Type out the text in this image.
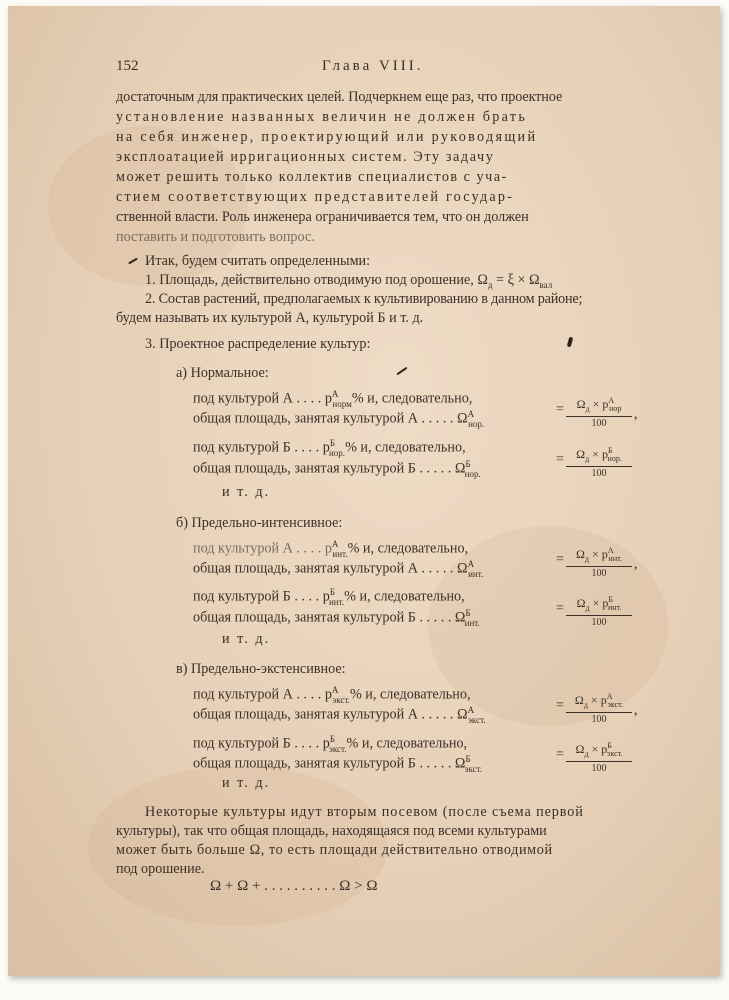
152	Глава VIII.
достаточным для практических целей. Подчеркнем еще раз, что проектное
установление названных величин не должен брать
на себя инженер, проектирующий или руководящий
эксплоатацией ирригационных систем. Эту задачу
может решить только коллектив специалистов с уча-
стием соответствующих представителей государ-
ственной власти. Роль инженера ограничивается тем, что он должен
поставить и подготовить вопрос.
Итак, будем считать определенными:
1. Площадь, действительно отводимую под орошение, $\Omega_д = \xi \times \Omega_{вал}$
2. Состав растений, предполагаемых к культивированию в данном районе;
будем называть их культурой А, культурой Б и т. д.
3. Проектное распределение культур:
а) Нормальное:
под культурой А . . . . $p^А_{норм}\%$ и, следовательно,
общая площадь, занятая культурой А . . . . . $\Omega^А_{нор.}$
=	$\Omega_д \times p^А_{нор}$
100
,
под культурой Б . . . . $p^Б_{нор.}\%$ и, следовательно,
общая площадь, занятая культурой Б . . . . . $\Omega^Б_{нор.}$
=	$\Omega_д \times p^Б_{нор.}$
100
и т. д.
б) Предельно-интенсивное:
под культурой А . . . . $p^А_{инт.}\%$ и, следовательно,
общая площадь, занятая культурой А . . . . . $\Omega^А_{инт.}$
=	$\Omega_д \times p^А_{инт.}$
100
,
под культурой Б . . . . $p^Б_{инт.}\%$ и, следовательно,
общая площадь, занятая культурой Б . . . . . $\Omega^Б_{инт.}$
=	$\Omega_д \times p^Б_{инт.}$
100
и т. д.
в) Предельно-экстенсивное:
под культурой А . . . . $p^А_{экст.}\%$ и, следовательно,
общая площадь, занятая культурой А . . . . . $\Omega^А_{экст.}$
= $\Omega_д \times p^А_{экст.}$
100
,
под культурой Б . . . . $p^Б_{экст.}\%$ и, следовательно,
общая площадь, занятая культурой Б . . . . . $\Omega^Б_{экст.}$
= $\Omega_д \times p^Б_{экст.}$
100
и т. д.
Некоторые культуры идут вторым посевом (после съема первой
культуры), так что общая площадь, находящаяся под всеми культурами
может быть больше Ω, то есть площади действительно отводимой
под орошение.
Ω + Ω + . . . . . . . . . . Ω > Ω
